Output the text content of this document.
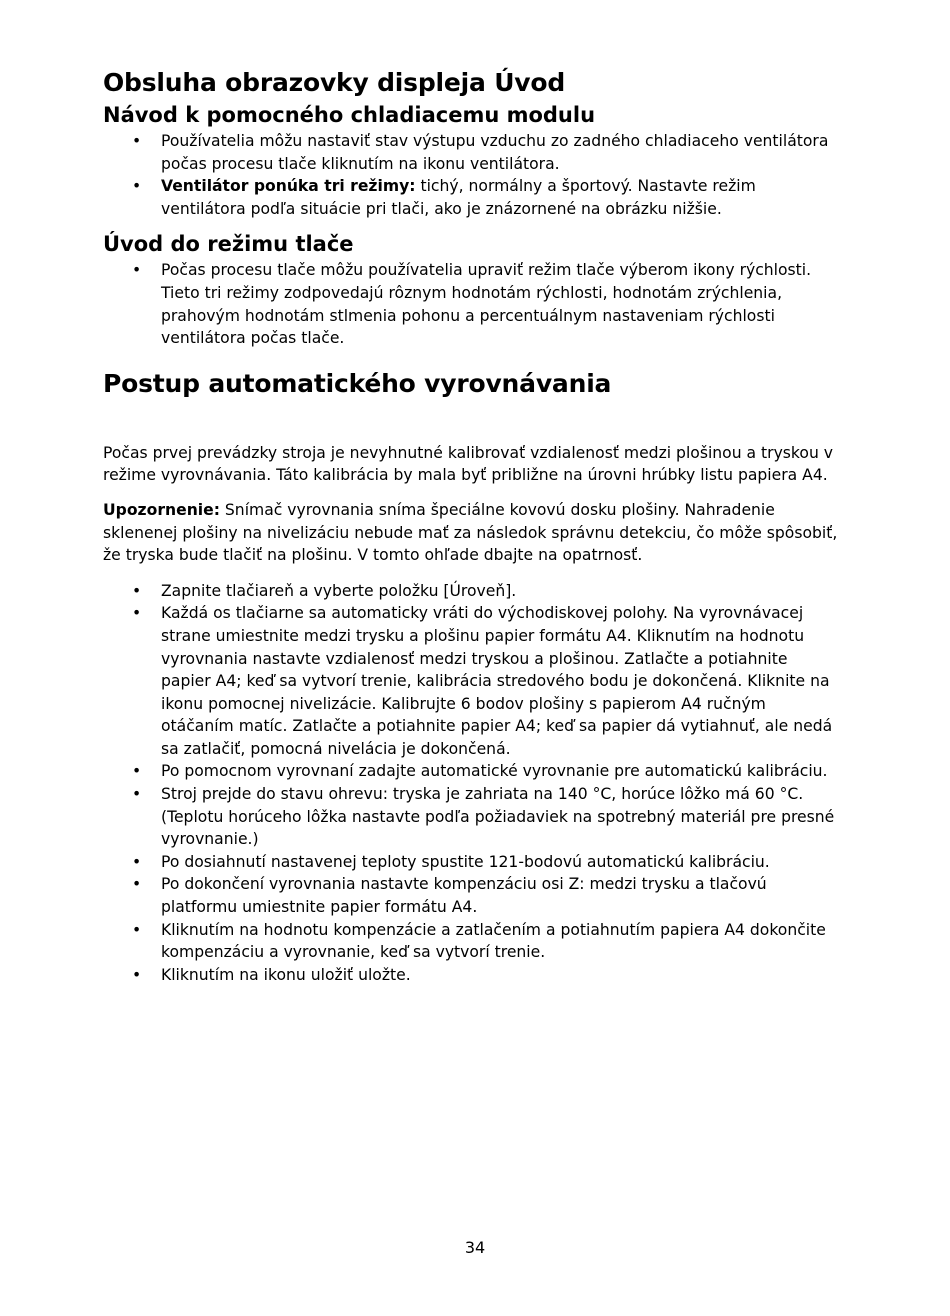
Obsluha obrazovky displeja Úvod
Návod k pomocného chladiacemu modulu
• Používatelia môžu nastaviť stav výstupu vzduchu zo zadného chladiaceho ventilátora počas procesu tlače kliknutím na ikonu ventilátora.
• Ventilátor ponúka tri režimy: tichý, normálny a športový. Nastavte režim ventilátora podľa situácie pri tlači, ako je znázornené na obrázku nižšie.
Úvod do režimu tlače
• Počas procesu tlače môžu používatelia upraviť režim tlače výberom ikony rýchlosti. Tieto tri režimy zodpovedajú rôznym hodnotám rýchlosti, hodnotám zrýchlenia, prahovým hodnotám stlmenia pohonu a percentuálnym nastaveniam rýchlosti ventilátora počas tlače.
Postup automatického vyrovnávania

Počas prvej prevádzky stroja je nevyhnutné kalibrovať vzdialenosť medzi plošinou a tryskou v režime vyrovnávania. Táto kalibrácia by mala byť približne na úrovni hrúbky listu papiera A4.

Upozornenie: Snímač vyrovnania sníma špeciálne kovovú dosku plošiny. Nahradenie sklenenej plošiny na nivelizáciu nebude mať za následok správnu detekciu, čo môže spôsobiť, že tryska bude tlačiť na plošinu. V tomto ohľade dbajte na opatrnosť.

• Zapnite tlačiareň a vyberte položku [Úroveň].
• Každá os tlačiarne sa automaticky vráti do východiskovej polohy. Na vyrovnávacej strane umiestnite medzi trysku a plošinu papier formátu A4. Kliknutím na hodnotu vyrovnania nastavte vzdialenosť medzi tryskou a plošinou. Zatlačte a potiahnite papier A4; keď sa vytvorí trenie, kalibrácia stredového bodu je dokončená. Kliknite na ikonu pomocnej nivelizácie. Kalibrujte 6 bodov plošiny s papierom A4 ručným otáčaním matíc. Zatlačte a potiahnite papier A4; keď sa papier dá vytiahnuť, ale nedá sa zatlačiť, pomocná nivelácia je dokončená.
• Po pomocnom vyrovnaní zadajte automatické vyrovnanie pre automatickú kalibráciu.
• Stroj prejde do stavu ohrevu: tryska je zahriata na 140 °C, horúce lôžko má 60 °C. (Teplotu horúceho lôžka nastavte podľa požiadaviek na spotrebný materiál pre presné vyrovnanie.)
• Po dosiahnutí nastavenej teploty spustite 121-bodovú automatickú kalibráciu.
• Po dokončení vyrovnania nastavte kompenzáciu osi Z: medzi trysku a tlačovú platformu umiestnite papier formátu A4.
• Kliknutím na hodnotu kompenzácie a zatlačením a potiahnutím papiera A4 dokončite kompenzáciu a vyrovnanie, keď sa vytvorí trenie.
• Kliknutím na ikonu uložiť uložte.
34
